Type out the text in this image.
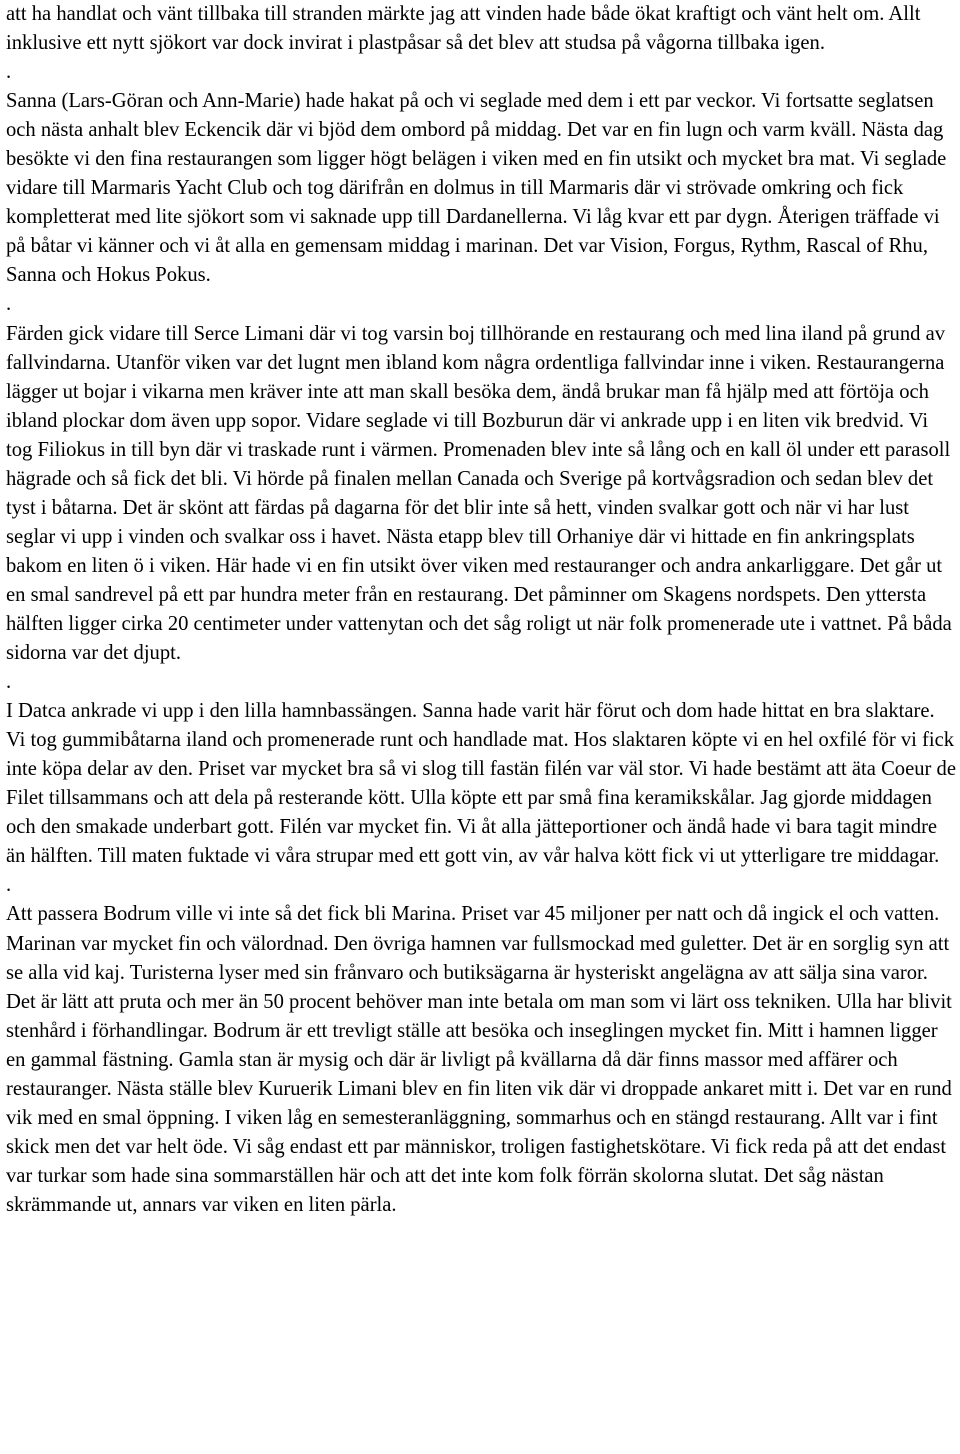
att ha handlat och vänt tillbaka till stranden märkte jag att vinden hade både ökat kraftigt och vänt helt om. Allt inklusive ett nytt sjökort var dock invirat i plastpåsar så det blev att studsa på vågorna tillbaka igen.

.

Sanna (Lars-Göran och Ann-Marie) hade hakat på och vi seglade med dem i ett par veckor. Vi fortsatte seglatsen och nästa anhalt blev Eckencik där vi bjöd dem ombord på middag. Det var en fin lugn och varm kväll. Nästa dag besökte vi den fina restaurangen som ligger högt belägen i viken med en fin utsikt och mycket bra mat. Vi seglade vidare till Marmaris Yacht Club och tog därifrån en dolmus in till Marmaris där vi strövade omkring och fick kompletterat med lite sjökort som vi saknade upp till Dardanellerna. Vi låg kvar ett par dygn. Återigen träffade vi på båtar vi känner och vi åt alla en gemensam middag i marinan. Det var Vision, Forgus, Rythm, Rascal of Rhu, Sanna och Hokus Pokus.

.

Färden gick vidare till Serce Limani där vi tog varsin boj tillhörande en restaurang och med lina iland på grund av fallvindarna. Utanför viken var det lugnt men ibland kom några ordentliga fallvindar inne i viken. Restaurangerna lägger ut bojar i vikarna men kräver inte att man skall besöka dem, ändå brukar man få hjälp med att förtöja och ibland plockar dom även upp sopor. Vidare seglade vi till Bozburun där vi ankrade upp i en liten vik bredvid. Vi tog Filiokus in till byn där vi traskade runt i värmen. Promenaden blev inte så lång och en kall öl under ett parasoll hägrade och så fick det bli. Vi hörde på finalen mellan Canada och Sverige på kortvågsradion och sedan blev det tyst i båtarna. Det är skönt att färdas på dagarna för det blir inte så hett, vinden svalkar gott och när vi har lust seglar vi upp i vinden och svalkar oss i havet. Nästa etapp blev till Orhaniye där vi hittade en fin ankringsplats bakom en liten ö i viken. Här hade vi en fin utsikt över viken med restauranger och andra ankarliggare. Det går ut en smal sandrevel på ett par hundra meter från en restaurang. Det påminner om Skagens nordspets. Den yttersta hälften ligger cirka 20 centimeter under vattenytan och det såg roligt ut när folk promenerade ute i vattnet. På båda sidorna var det djupt.

.

I Datca ankrade vi upp i den lilla hamnbassängen. Sanna hade varit här förut och dom hade hittat en bra slaktare. Vi tog gummibåtarna iland och promenerade runt och handlade mat. Hos slaktaren köpte vi en hel oxfilé för vi fick inte köpa delar av den. Priset var mycket bra så vi slog till fastän filén var väl stor. Vi hade bestämt att äta Coeur de Filet tillsammans och att dela på resterande kött. Ulla köpte ett par små fina keramikskålar. Jag gjorde middagen och den smakade underbart gott. Filén var mycket fin. Vi åt alla jätteportioner och ändå hade vi bara tagit mindre än hälften. Till maten fuktade vi våra strupar med ett gott vin, av vår halva kött fick vi ut ytterligare tre middagar.

.

Att passera Bodrum ville vi inte så det fick bli Marina. Priset var 45 miljoner per natt och då ingick el och vatten. Marinan var mycket fin och välordnad. Den övriga hamnen var fullsmockad med guletter. Det är en sorglig syn att se alla vid kaj. Turisterna lyser med sin frånvaro och butiksägarna är hysteriskt angelägna av att sälja sina varor. Det är lätt att pruta och mer än 50 procent behöver man inte betala om man som vi lärt oss tekniken. Ulla har blivit stenhård i förhandlingar. Bodrum är ett trevligt ställe att besöka och inseglingen mycket fin. Mitt i hamnen ligger en gammal fästning. Gamla stan är mysig och där är livligt på kvällarna då där finns massor med affärer och restauranger. Nästa ställe blev Kuruerik Limani blev en fin liten vik där vi droppade ankaret mitt i. Det var en rund vik med en smal öppning. I viken låg en semesteranläggning, sommarhus och en stängd restaurang. Allt var i fint skick men det var helt öde. Vi såg endast ett par människor, troligen fastighetskötare. Vi fick reda på att det endast var turkar som hade sina sommarställen här och att det inte kom folk förrän skolorna slutat. Det såg nästan skrämmande ut, annars var viken en liten pärla.
